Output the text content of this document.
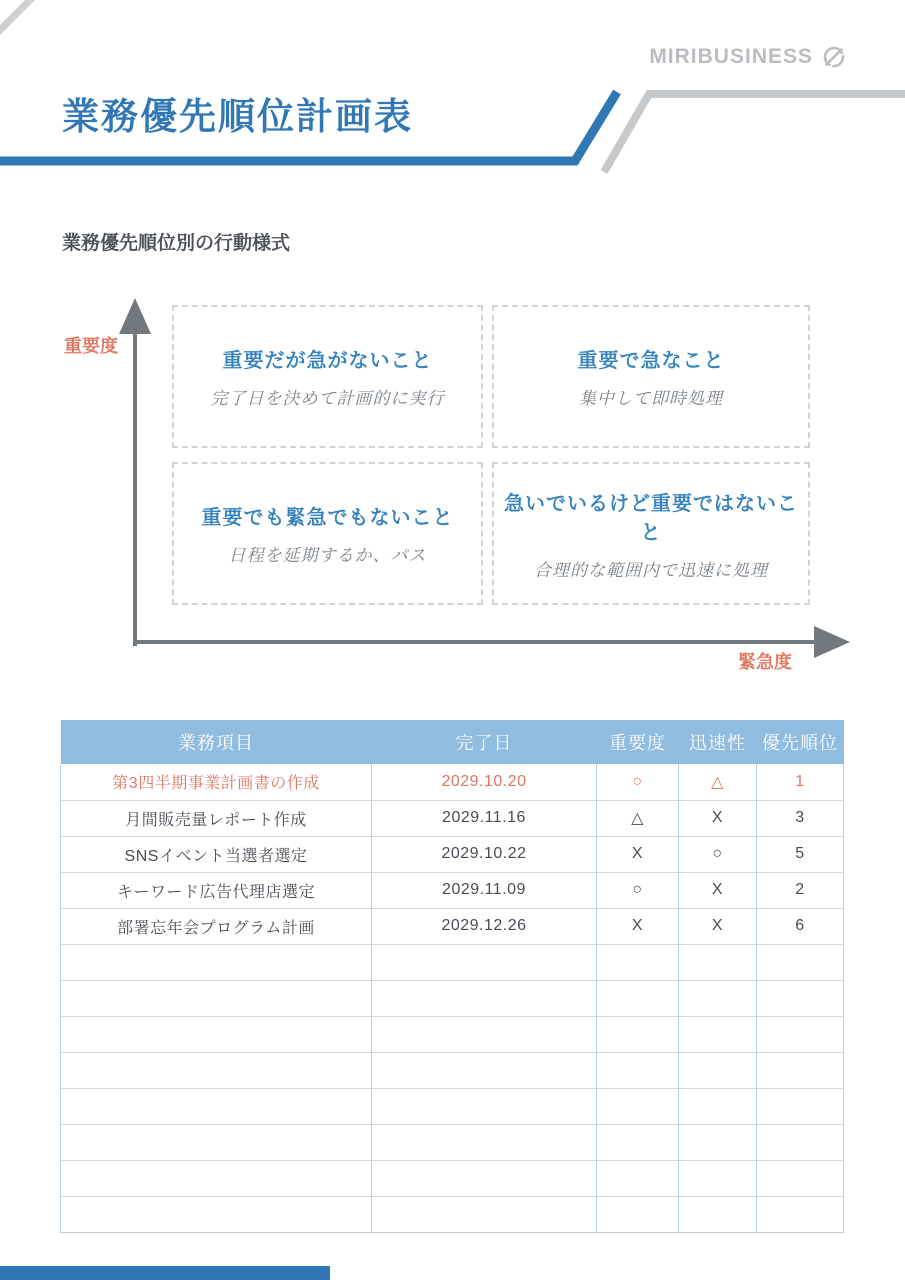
MIRIBUSINESS
業務優先順位計画表
業務優先順位別の行動様式
重要度
緊急度
重要だが急がないこと
完了日を決めて計画的に実行
重要で急なこと
集中して即時処理
重要でも緊急でもないこと
日程を延期するか、パス
急いでいるけど重要ではないこと
合理的な範囲内で迅速に処理
業務項目	完了日	重要度	迅速性	優先順位
第3四半期事業計画書の作成	2029.10.20	○	△	1
月間販売量レポート作成	2029.11.16	△	X	3
SNSイベント当選者選定	2029.10.22	X	○	5
キーワード広告代理店選定	2029.11.09	○	X	2
部署忘年会プログラム計画	2029.12.26	X	X	6
